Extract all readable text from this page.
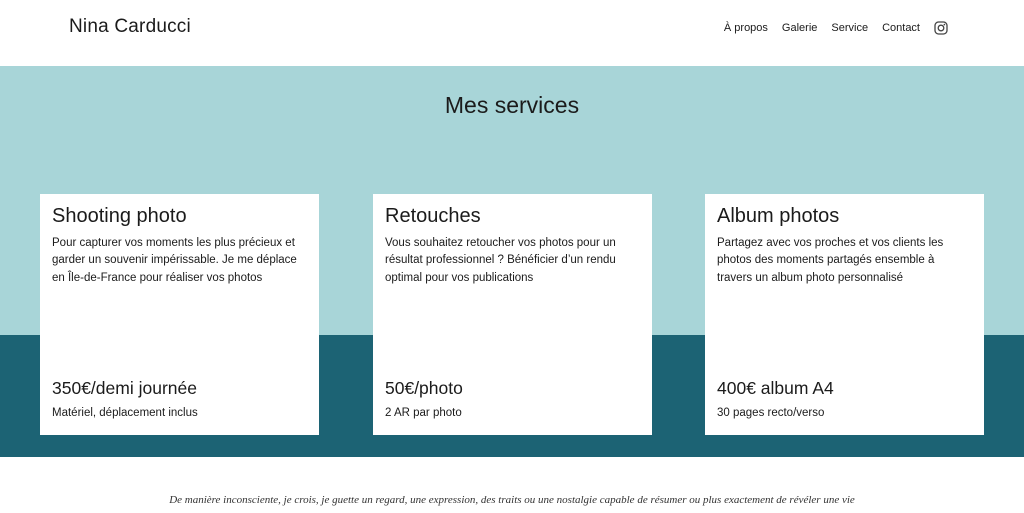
Nina Carducci	À propos Galerie Service Contact
Mes services
Shooting photo
Pour capturer vos moments les plus précieux et garder un souvenir impérissable. Je me déplace en Île-de-France pour réaliser vos photos
350€/demi journée
Matériel, déplacement inclus
Retouches
Vous souhaitez retoucher vos photos pour un résultat professionnel ? Bénéficier d’un rendu optimal pour vos publications
50€/photo
2 AR par photo
Album photos
Partagez avec vos proches et vos clients les photos des moments partagés ensemble à travers un album photo personnalisé
400€ album A4
30 pages recto/verso
De manière inconsciente, je crois, je guette un regard, une expression, des traits ou une nostalgie capable de résumer ou plus exactement de révéler une vie
